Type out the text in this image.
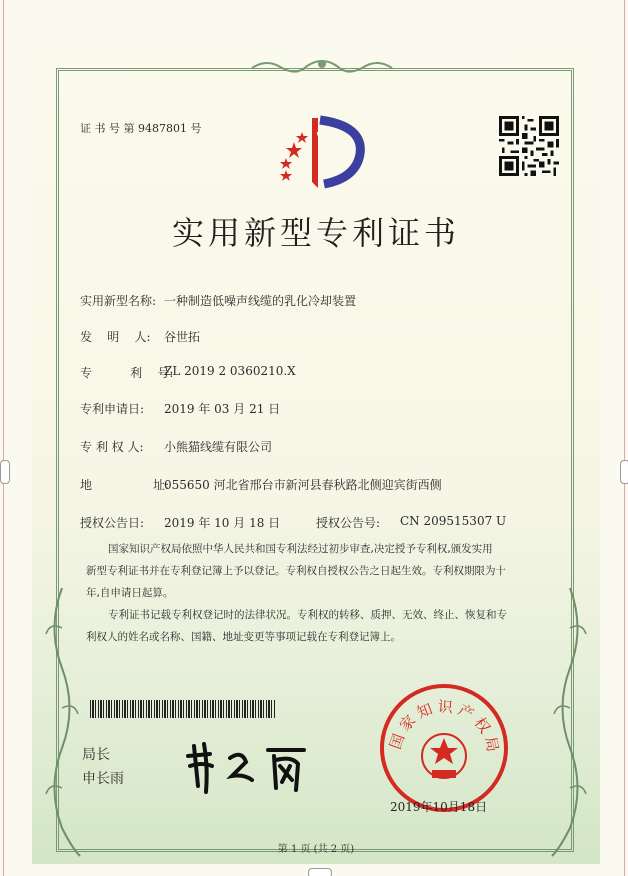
证 书 号 第 9487801 号
实用新型专利证书
实用新型名称: 一种制造低噪声线缆的乳化冷却装置
发    明    人: 谷世拓
专          利    号:
ZL 2019 2 0360210.X
专利申请日: 2019 年 03 月 21 日
专 利 权 人: 小熊猫线缆有限公司
地                址:
055650 河北省邢台市新河县春秋路北侧迎宾街西侧
授权公告日: 2019 年 10 月 18 日	授权公告号: CN 209515307 U
国家知识产权局依照中华人民共和国专利法经过初步审查,决定授予专利权,颁发实用
新型专利证书并在专利登记簿上予以登记。专利权自授权公告之日起生效。专利权期限为十
年,自申请日起算。
专利证书记载专利权登记时的法律状况。专利权的转移、质押、无效、终止、恢复和专
利权人的姓名或名称、国籍、地址变更等事项记载在专利登记簿上。
局长
申长雨
国家知识产权局
2019年10月18日
第 1 页 (共 2 页)
